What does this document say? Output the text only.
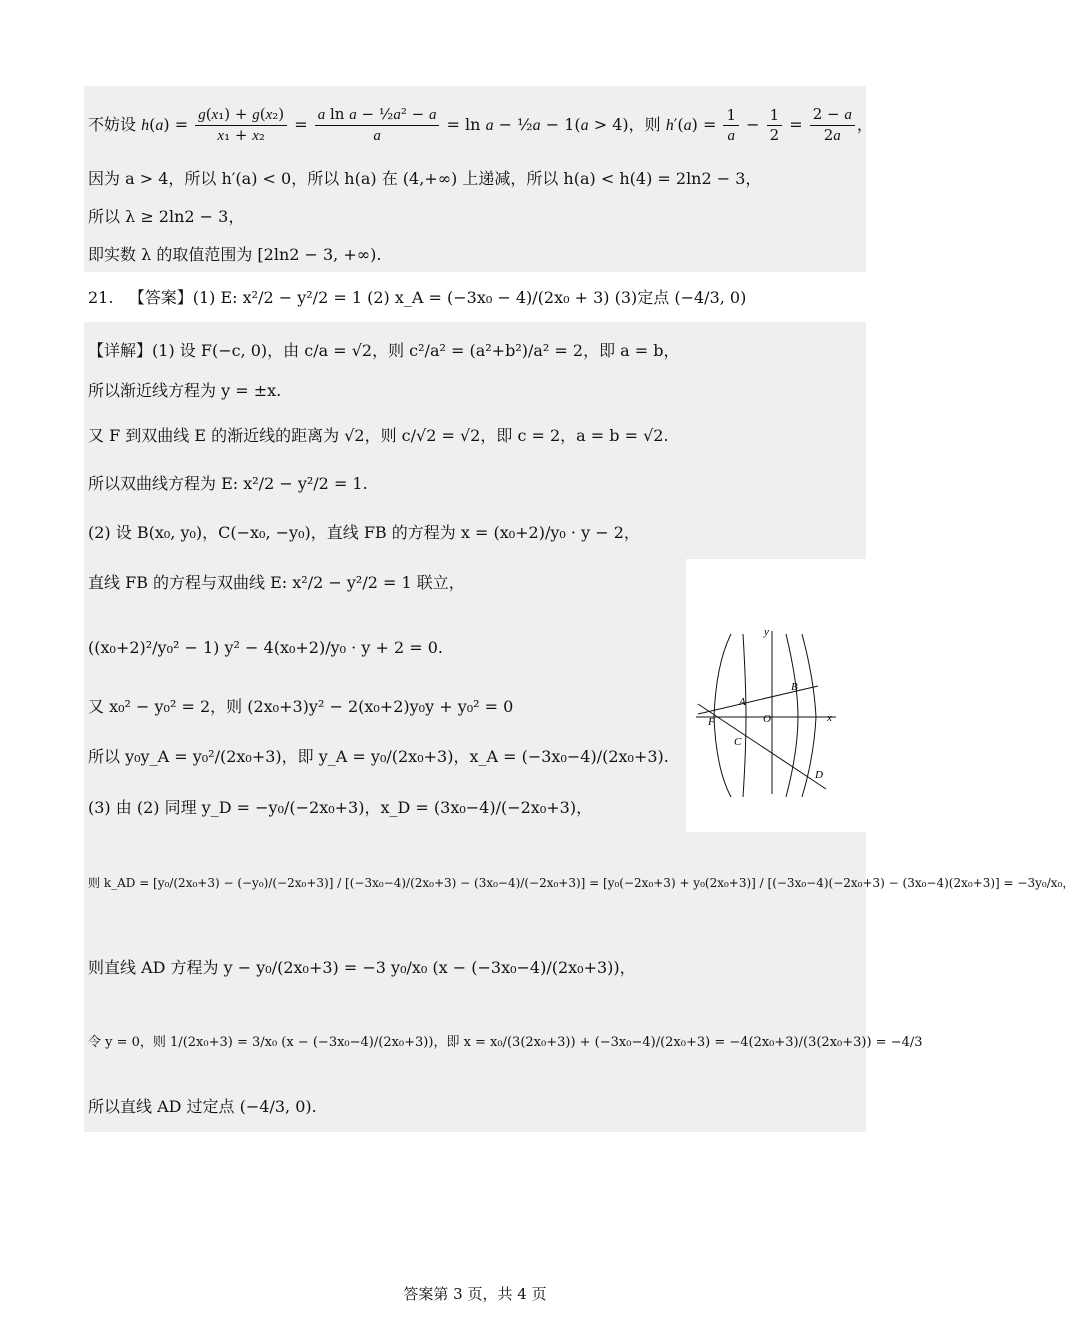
不妨设 $h(a) = \frac{\text{g(x₁) + g(x₂)}}{\text{x₁ + x₂}} = \frac{\text{a ln a − ½a² − a}}{a} = \ln a$ − ½a − 1(a > 4)，则 $h'(a) = \frac{1}{a} - \frac{1}{2} = \frac{2 - a}{2a}$ ，
因为 a > 4，所以 h′(a) < 0，所以 h(a) 在 (4,+∞) 上递减，所以 h(a) < h(4) = 2ln2 − 3，
所以 λ ≥ 2ln2 − 3，
即实数 λ 的取值范围为 [2ln2 − 3, +∞).
21. 【答案】(1) E: x²/2 − y²/2 = 1 (2) x_A = (−3x₀ − 4)/(2x₀ + 3) (3)定点 (−4/3, 0)
【详解】(1) 设 F(−c, 0)，由 c/a = √2，则 c²/a² = (a²+b²)/a² = 2，即 a = b，
所以渐近线方程为 y = ±x.
又 F 到双曲线 E 的渐近线的距离为 √2，则 c/√2 = √2，即 c = 2，a = b = √2.
所以双曲线方程为 E: x²/2 − y²/2 = 1.
(2) 设 B(x₀, y₀)，C(−x₀, −y₀)，直线 FB 的方程为 x = (x₀+2)/y₀ · y − 2，
直线 FB 的方程与双曲线 E: x²/2 − y²/2 = 1 联立，
((x₀+2)²/y₀² − 1) y² − 4(x₀+2)/y₀ · y + 2 = 0.
又 x₀² − y₀² = 2，则 (2x₀+3)y² − 2(x₀+2)y₀y + y₀² = 0
所以 y₀y_A = y₀²/(2x₀+3)，即 y_A = y₀/(2x₀+3)，x_A = (−3x₀−4)/(2x₀+3).
(3) 由 (2) 同理 y_D = −y₀/(−2x₀+3)，x_D = (3x₀−4)/(−2x₀+3)，
则 k_AD = [y₀/(2x₀+3) − (−y₀)/(−2x₀+3)] / [(−3x₀−4)/(2x₀+3) − (3x₀−4)/(−2x₀+3)] = [y₀(−2x₀+3) + y₀(2x₀+3)] / [(−3x₀−4)(−2x₀+3) − (3x₀−4)(2x₀+3)] = −3y₀/x₀，
则直线 AD 方程为 y − y₀/(2x₀+3) = −3 y₀/x₀ (x − (−3x₀−4)/(2x₀+3))，
令 y = 0，则 1/(2x₀+3) = 3/x₀ (x − (−3x₀−4)/(2x₀+3))，即 x = x₀/(3(2x₀+3)) + (−3x₀−4)/(2x₀+3) = −4(2x₀+3)/(3(2x₀+3)) = −4/3
所以直线 AD 过定点 (−4/3, 0).
y
x
A
B
O
F
C
D
答案第 3 页，共 4 页
